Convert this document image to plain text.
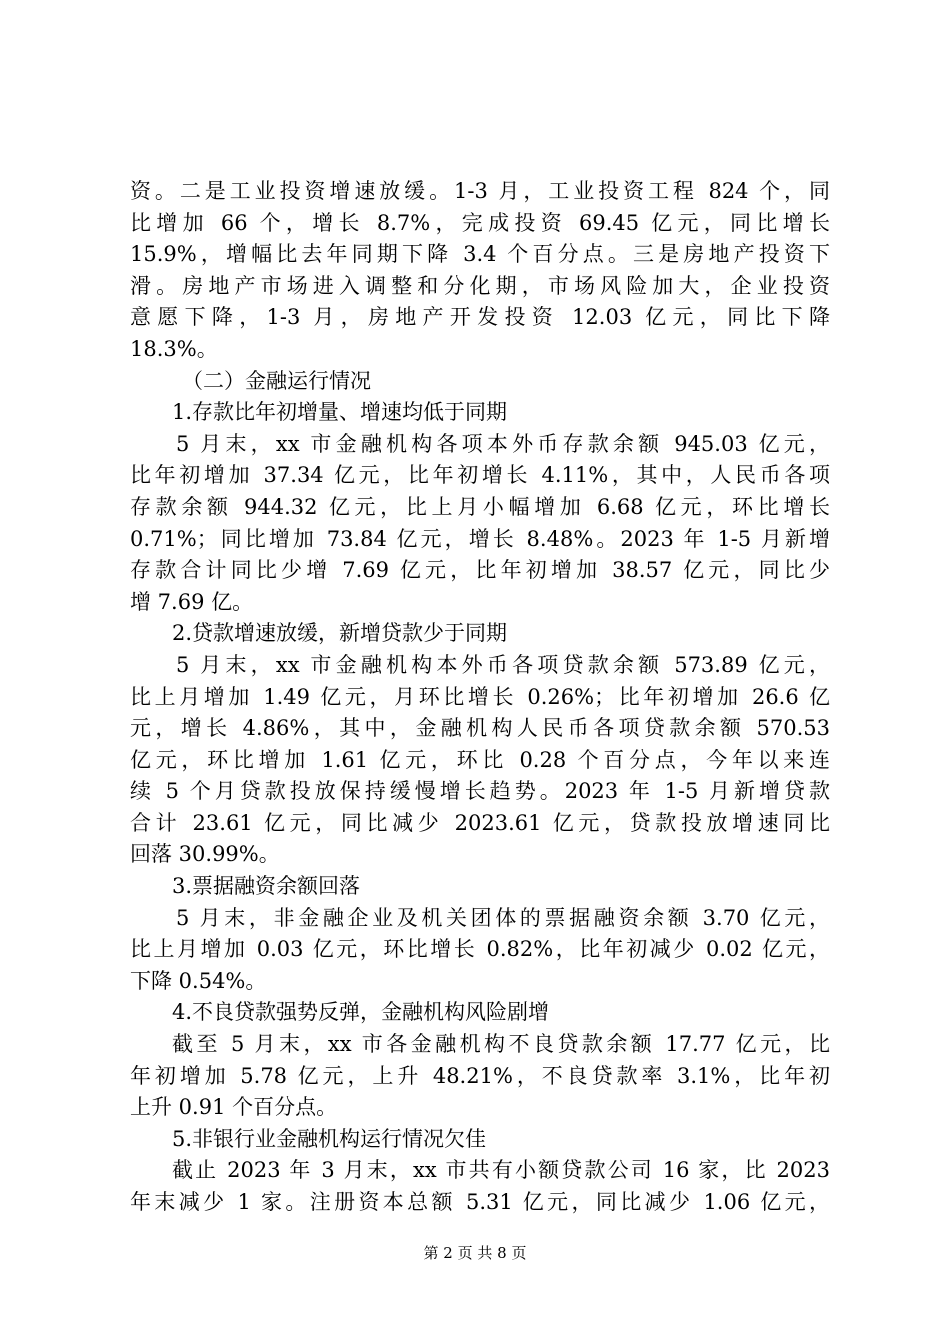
资。二是工业投资增速放缓。1-3 月，工业投资工程 824 个，同
比增加 66 个，增长 8.7%，完成投资 69.45 亿元，同比增长
15.9%，增幅比去年同期下降 3.4 个百分点。三是房地产投资下
滑。房地产市场进入调整和分化期，市场风险加大，企业投资
意愿下降，1-3 月，房地产开发投资 12.03 亿元，同比下降
18.3%。
（二）金融运行情况
1.存款比年初增量、增速均低于同期
5 月末，xx 市金融机构各项本外币存款余额 945.03 亿元，
比年初增加 37.34 亿元，比年初增长 4.11%，其中，人民币各项
存款余额 944.32 亿元，比上月小幅增加 6.68 亿元，环比增长
0.71%；同比增加 73.84 亿元，增长 8.48%。2023 年 1-5 月新增
存款合计同比少增 7.69 亿元，比年初增加 38.57 亿元，同比少
增 7.69 亿。
2.贷款增速放缓，新增贷款少于同期
5 月末，xx 市金融机构本外币各项贷款余额 573.89 亿元，
比上月增加 1.49 亿元，月环比增长 0.26%；比年初增加 26.6 亿
元，增长 4.86%，其中，金融机构人民币各项贷款余额 570.53
亿元，环比增加 1.61 亿元，环比 0.28 个百分点，今年以来连
续 5 个月贷款投放保持缓慢增长趋势。2023 年 1-5 月新增贷款
合计 23.61 亿元，同比减少 2023.61 亿元，贷款投放增速同比
回落 30.99%。
3.票据融资余额回落
5 月末，非金融企业及机关团体的票据融资余额 3.70 亿元，
比上月增加 0.03 亿元，环比增长 0.82%，比年初减少 0.02 亿元，
下降 0.54%。
4.不良贷款强势反弹，金融机构风险剧增
截至 5 月末，xx 市各金融机构不良贷款余额 17.77 亿元，比
年初增加 5.78 亿元，上升 48.21%，不良贷款率 3.1%，比年初
上升 0.91 个百分点。
5.非银行业金融机构运行情况欠佳
截止 2023 年 3 月末，xx 市共有小额贷款公司 16 家，比 2023
年末减少 1 家。注册资本总额 5.31 亿元，同比减少 1.06 亿元，
第 2 页 共 8 页
